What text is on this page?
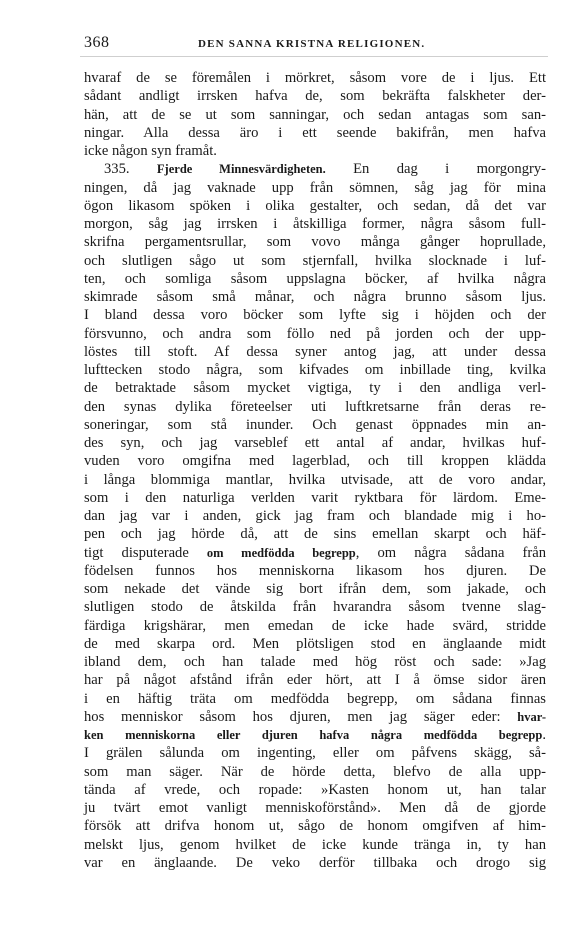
368	DEN SANNA KRISTNA RELIGIONEN.
hvaraf de se föremålen i mörkret, såsom vore de i ljus. Ett
sådant andligt irrsken hafva de, som bekräfta falskheter der-
hän, att de se ut som sanningar, och sedan antagas som san-
ningar. Alla dessa äro i ett seende bakifrån, men hafva
icke någon syn framåt.
335. Fjerde Minnesvärdigheten. En dag i morgongry-
ningen, då jag vaknade upp från sömnen, såg jag för mina
ögon likasom spöken i olika gestalter, och sedan, då det var
morgon, såg jag irrsken i åtskilliga former, några såsom full-
skrifna pergamentsrullar, som vovo många gånger hoprullade,
och slutligen sågo ut som stjernfall, hvilka slocknade i luf-
ten, och somliga såsom uppslagna böcker, af hvilka några
skimrade såsom små månar, och några brunno såsom ljus.
I bland dessa voro böcker som lyfte sig i höjden och der
försvunno, och andra som föllo ned på jorden och der upp-
löstes till stoft. Af dessa syner antog jag, att under dessa
lufttecken stodo några, som kifvades om inbillade ting, kvilka
de betraktade såsom mycket vigtiga, ty i den andliga verl-
den synas dylika företeelser uti luftkretsarne från deras re-
soneringar, som stå inunder. Och genast öppnades min an-
des syn, och jag varseblef ett antal af andar, hvilkas huf-
vuden voro omgifna med lagerblad, och till kroppen klädda
i långa blommiga mantlar, hvilka utvisade, att de voro andar,
som i den naturliga verlden varit ryktbara för lärdom. Eme-
dan jag var i anden, gick jag fram och blandade mig i ho-
pen och jag hörde då, att de sins emellan skarpt och häf-
tigt disputerade om medfödda begrepp, om några sådana från
födelsen funnos hos menniskorna likasom hos djuren. De
som nekade det vände sig bort ifrån dem, som jakade, och
slutligen stodo de åtskilda från hvarandra såsom tvenne slag-
färdiga krigshärar, men emedan de icke hade svärd, stridde
de med skarpa ord. Men plötsligen stod en änglaande midt
ibland dem, och han talade med hög röst och sade: »Jag
har på något afstånd ifrån eder hört, att I å ömse sidor ären
i en häftig träta om medfödda begrepp, om sådana finnas
hos menniskor såsom hos djuren, men jag säger eder: hvar-
ken menniskorna eller djuren hafva några medfödda begrepp.
I grälen sålunda om ingenting, eller om påfvens skägg, så-
som man säger. När de hörde detta, blefvo de alla upp-
tända af vrede, och ropade: »Kasten honom ut, han talar
ju tvärt emot vanligt menniskoförstånd». Men då de gjorde
försök att drifva honom ut, sågo de honom omgifven af him-
melskt ljus, genom hvilket de icke kunde tränga in, ty han
var en änglaande. De veko derför tillbaka och drogo sig
